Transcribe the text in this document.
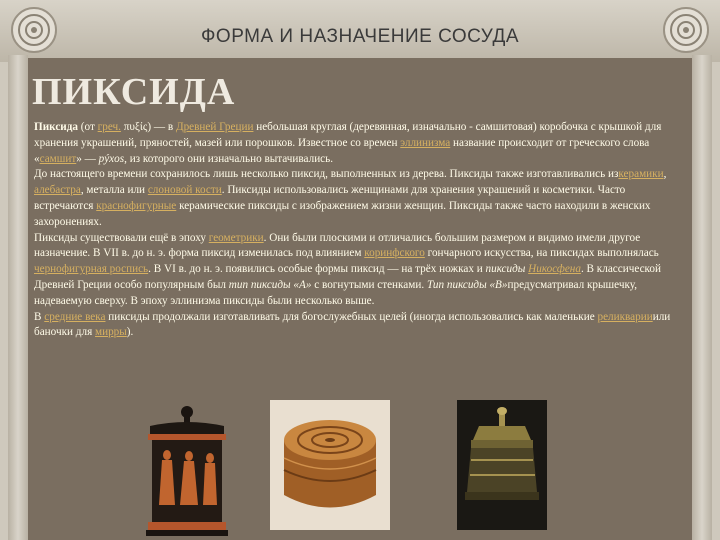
ФОРМА И НАЗНАЧЕНИЕ СОСУДА
ПИКСИДА

Пиксида (от греч. πυξίς) — в Древней Греции небольшая круглая (деревянная, изначально - самшитовая) коробочка с крышкой для хранения украшений, пряностей, мазей или порошков. Известное со времен эллинизма название происходит от греческого слова «самшит» — pýxos, из которого они изначально вытачивались.

До настоящего времени сохранилось лишь несколько пиксид, выполненных из дерева. Пиксиды также изготавливались изкерамики, алебастра, металла или слоновой кости. Пиксиды использовались женщинами для хранения украшений и косметики. Часто встречаются краснофигурные керамические пиксиды с изображением жизни женщин. Пиксиды также часто находили в женских захоронениях.

Пиксиды существовали ещё в эпоху геометрики. Они были плоскими и отличались большим размером и видимо имели другое назначение. В VII в. до н. э. форма пиксид изменилась под влиянием коринфского гончарного искусства, на пиксидах выполнялась чернофигурная роспись. В VI в. до н. э. появились особые формы пиксид — на трёх ножках и пиксиды Никосфена. В классической Древней Греции особо популярным был тип пиксиды «А» с вогнутыми стенками. Тип пиксиды «B»предусматривал крышечку, надеваемую сверху. В эпоху эллинизма пиксиды были несколько выше.

В средние века пиксиды продолжали изготавливать для богослужебных целей (иногда использовались как маленькие реликварииили баночки для мирры).
